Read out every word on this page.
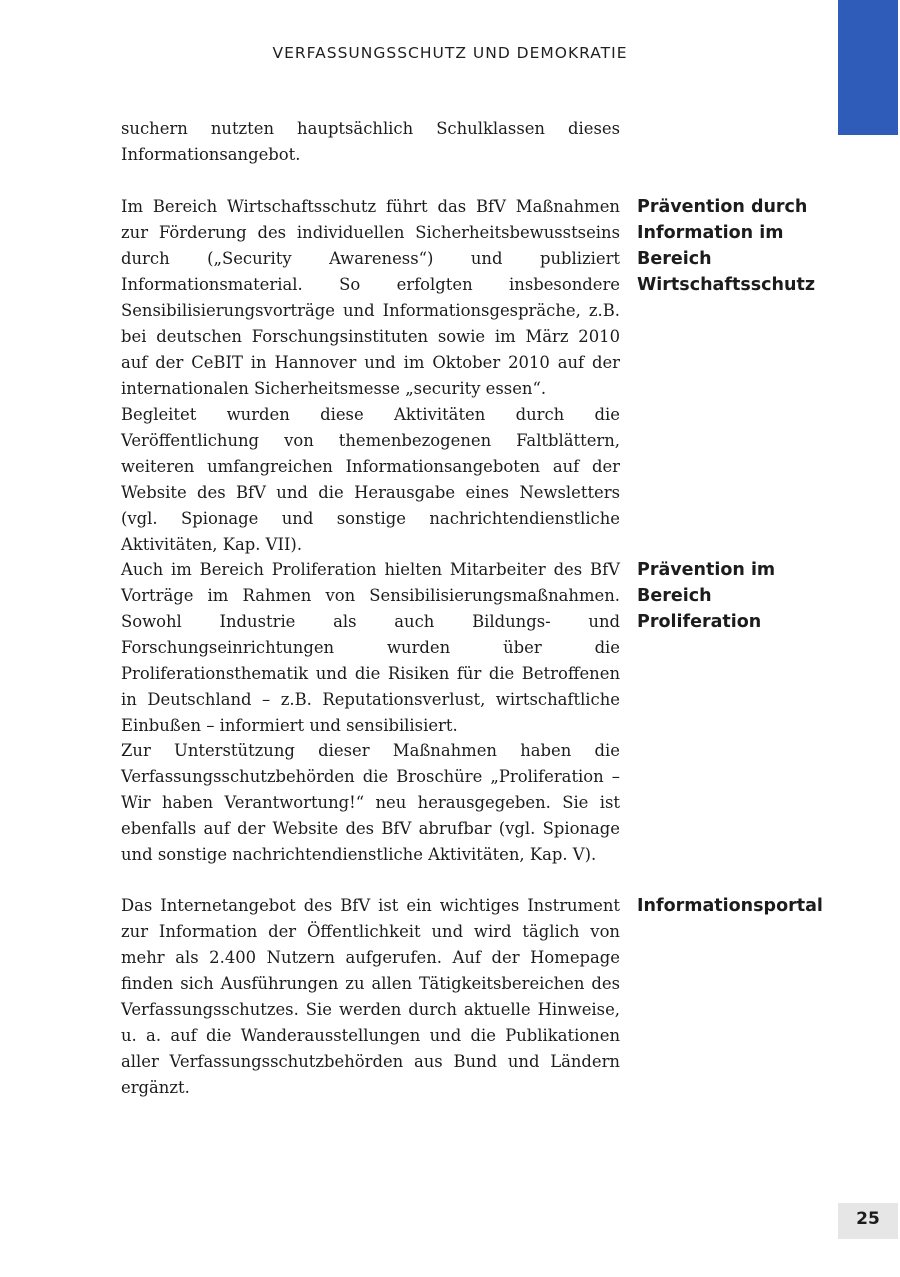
VERFASSUNGSSCHUTZ UND DEMOKRATIE

suchern nutzten hauptsächlich Schulklassen dieses Informationsangebot.

Im Bereich Wirtschaftsschutz führt das BfV Maßnahmen zur Förderung des individuellen Sicherheitsbewusstseins durch („Security Awareness“) und publiziert Informationsmaterial. So erfolgten insbesondere Sensibilisierungsvorträge und Informationsgespräche, z.B. bei deutschen Forschungsinstituten sowie im März 2010 auf der CeBIT in Hannover und im Oktober 2010 auf der internationalen Sicherheitsmesse „security essen“.

Prävention durch Information im Bereich Wirtschaftsschutz

Begleitet wurden diese Aktivitäten durch die Veröffentlichung von themenbezogenen Faltblättern, weiteren umfangreichen Informationsangeboten auf der Website des BfV und die Herausgabe eines Newsletters (vgl. Spionage und sonstige nachrichtendienstliche Aktivitäten, Kap. VII).

Auch im Bereich Proliferation hielten Mitarbeiter des BfV Vorträge im Rahmen von Sensibilisierungsmaßnahmen. Sowohl Industrie als auch Bildungs- und Forschungseinrichtungen wurden über die Proliferationsthematik und die Risiken für die Betroffenen in Deutschland – z.B. Reputationsverlust, wirtschaftliche Einbußen – informiert und sensibilisiert.

Prävention im Bereich Proliferation

Zur Unterstützung dieser Maßnahmen haben die Verfassungsschutzbehörden die Broschüre „Proliferation – Wir haben Verantwortung!“ neu herausgegeben. Sie ist ebenfalls auf der Website des BfV abrufbar (vgl. Spionage und sonstige nachrichtendienstliche Aktivitäten, Kap. V).

Das Internetangebot des BfV ist ein wichtiges Instrument zur Information der Öffentlichkeit und wird täglich von mehr als 2.400 Nutzern aufgerufen. Auf der Homepage finden sich Ausführungen zu allen Tätigkeitsbereichen des Verfassungsschutzes. Sie werden durch aktuelle Hinweise, u. a. auf die Wanderausstellungen und die Publikationen aller Verfassungsschutzbehörden aus Bund und Ländern ergänzt.

Informationsportal

25
